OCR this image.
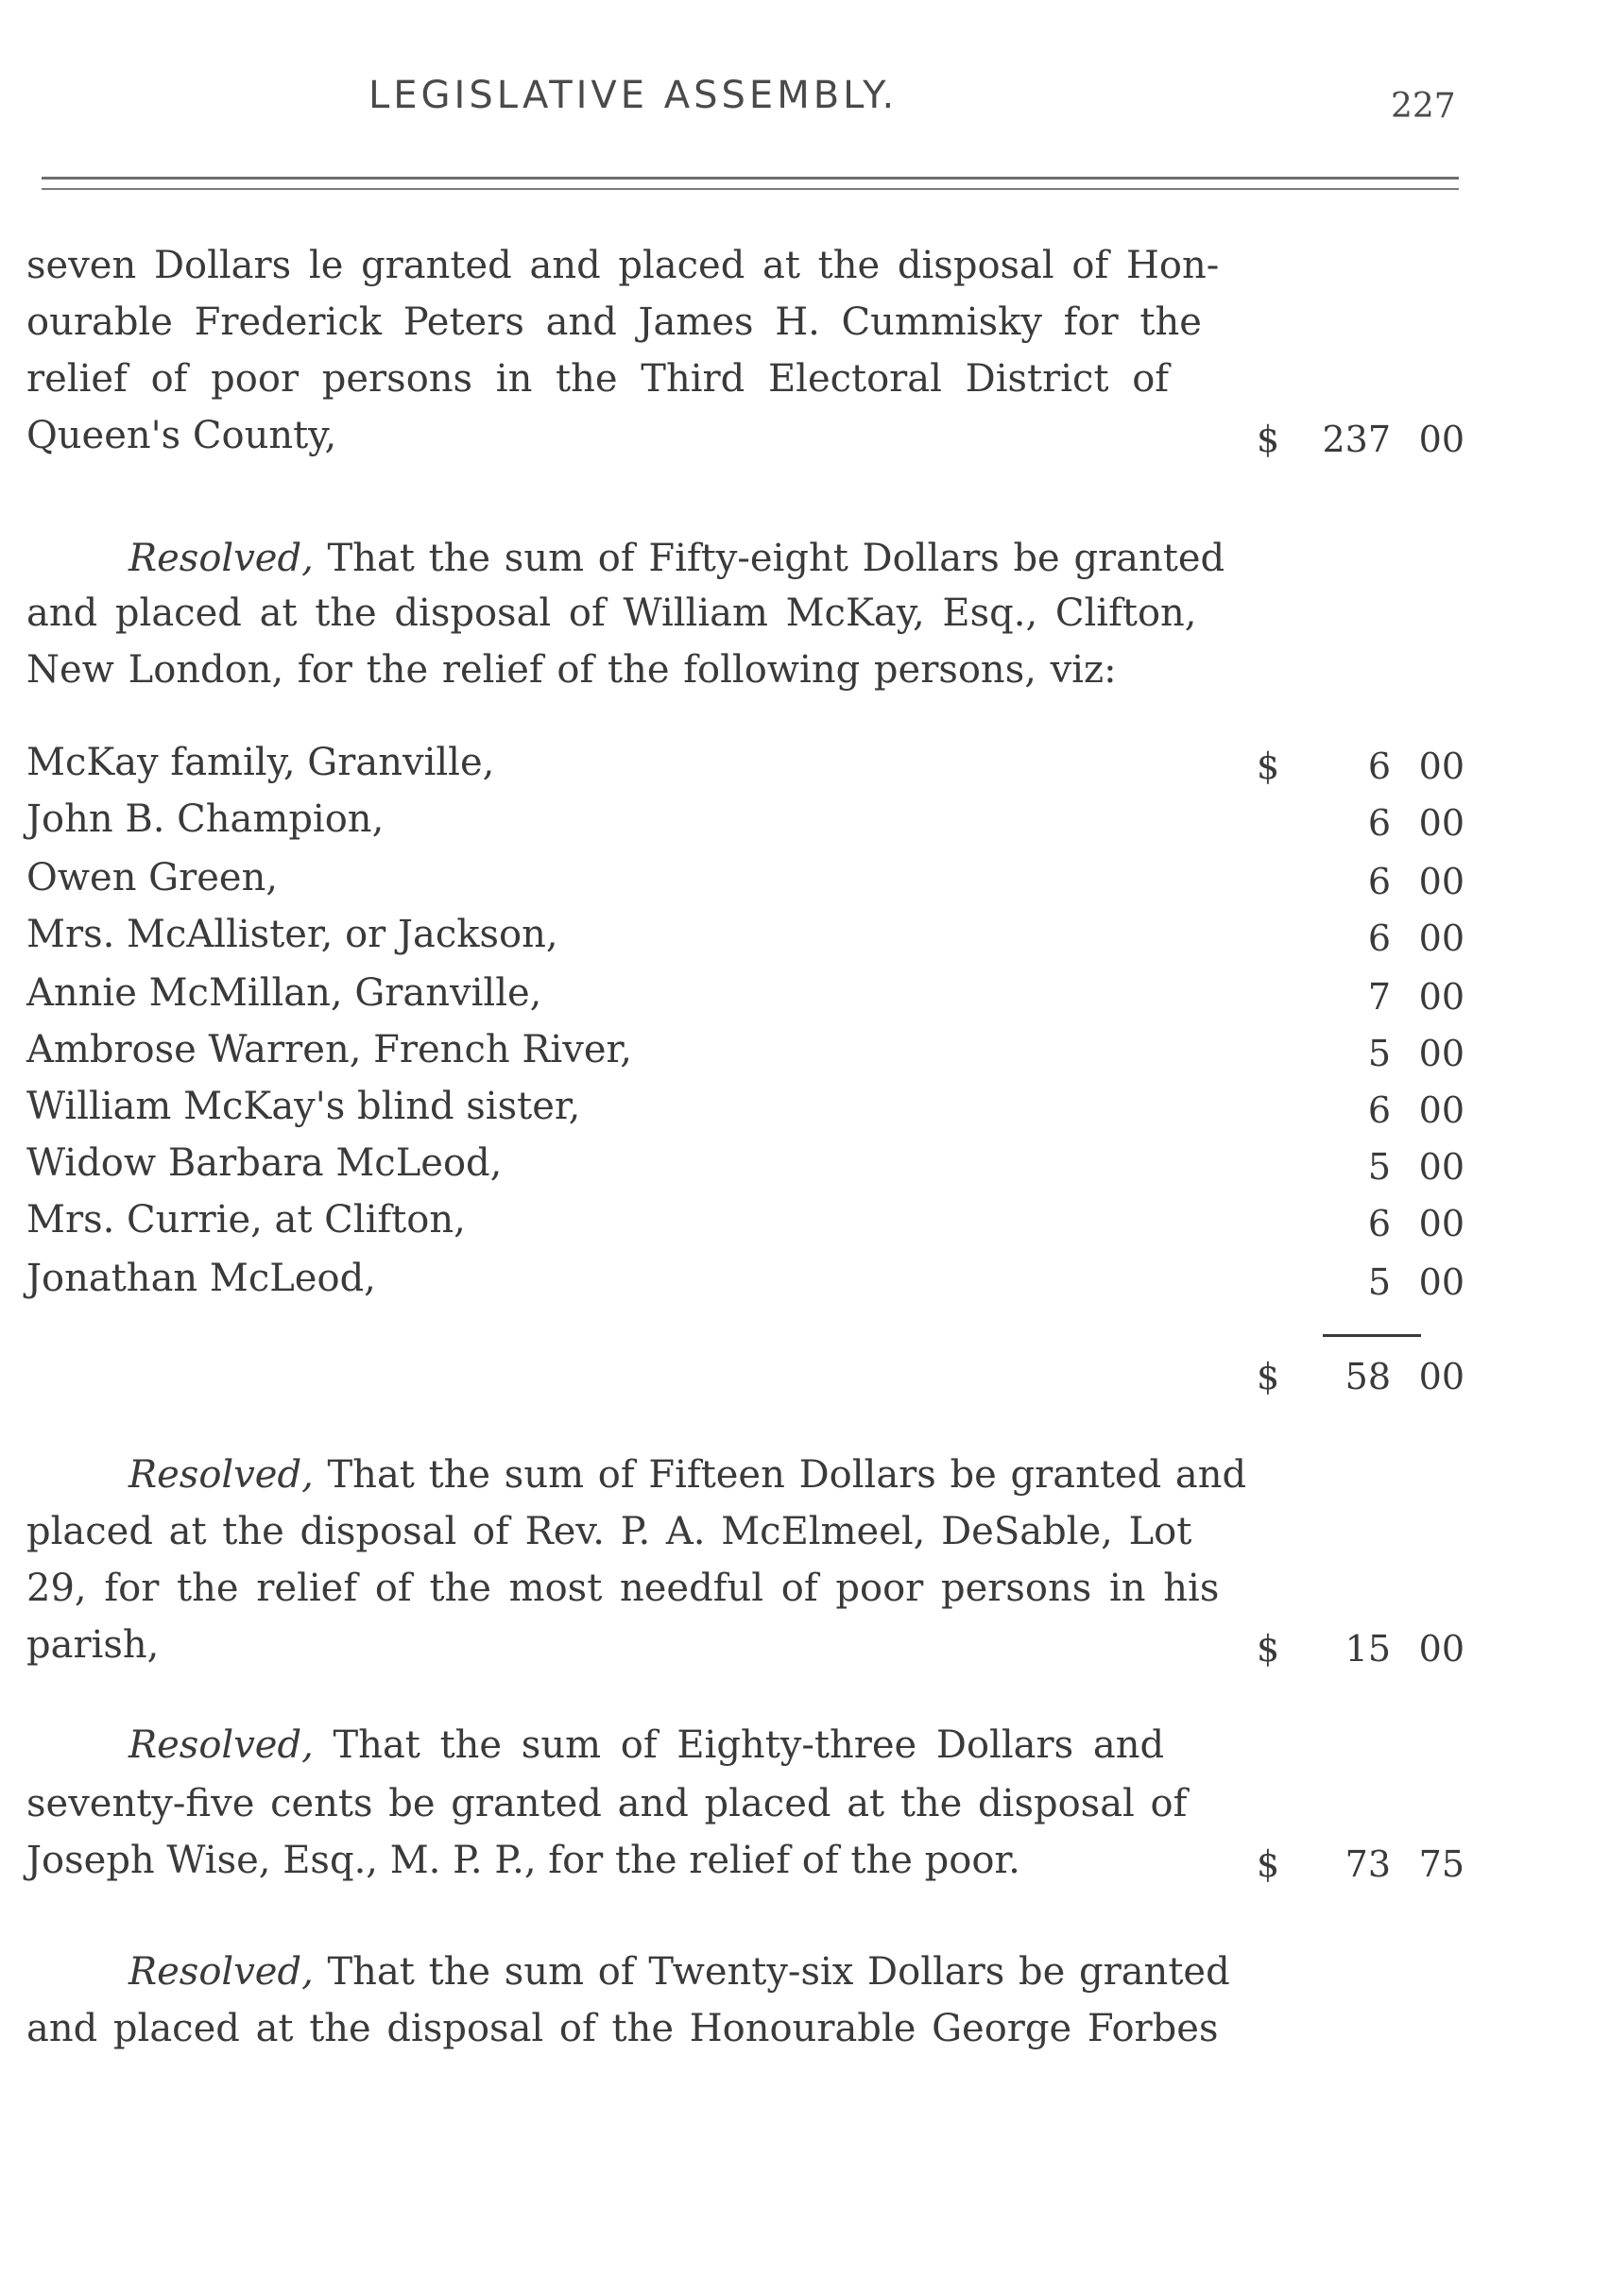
LEGISLATIVE ASSEMBLY.	227
seven Dollars le granted and placed at the disposal of Hon-
ourable Frederick Peters and James H. Cummisky for the
relief of poor persons in the Third Electoral District of
Queen's County,	$	237 00
Resolved, That the sum of Fifty-eight Dollars be granted
and placed at the disposal of William McKay, Esq., Clifton,
New London, for the relief of the following persons, viz:
McKay family, Granville,	$	6 00
John B. Champion,	6 00
Owen Green,	6 00
Mrs. McAllister, or Jackson,	6 00
Annie McMillan, Granville,	7 00
Ambrose Warren, French River,	5 00
William McKay's blind sister,	6 00
Widow Barbara McLeod,	5 00
Mrs. Currie, at Clifton,	6 00
Jonathan McLeod,	5 00
$	58 00
Resolved, That the sum of Fifteen Dollars be granted and
placed at the disposal of Rev. P. A. McElmeel, DeSable, Lot
29, for the relief of the most needful of poor persons in his
parish,	$	15 00
Resolved, That the sum of Eighty-three Dollars and
seventy-five cents be granted and placed at the disposal of
Joseph Wise, Esq., M. P. P., for the relief of the poor.	$	73 75
Resolved, That the sum of Twenty-six Dollars be granted
and placed at the disposal of the Honourable George Forbes
